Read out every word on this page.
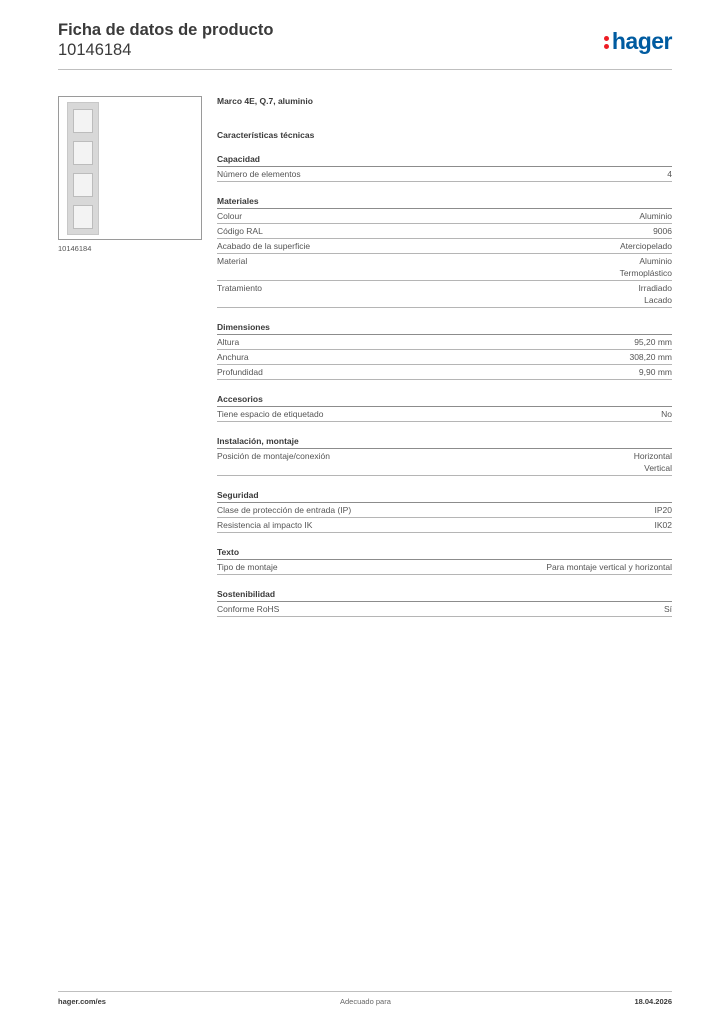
Ficha de datos de producto
10146184	hager
10146184
Marco 4E, Q.7, aluminio
Características técnicas
Capacidad
Número de elementos	4
Materiales
Colour	Aluminio
Código RAL	9006
Acabado de la superficie	Aterciopelado
Material	Aluminio
Termoplástico
Tratamiento	Irradiado
Lacado
Dimensiones
Altura	95,20 mm
Anchura	308,20 mm
Profundidad	9,90 mm
Accesorios
Tiene espacio de etiquetado	No
Instalación, montaje
Posición de montaje/conexión	Horizontal
Vertical
Seguridad
Clase de protección de entrada (IP)	IP20
Resistencia al impacto IK	IK02
Texto
Tipo de montaje	Para montaje vertical y horizontal
Sostenibilidad
Conforme RoHS	Sí
hager.com/es	Adecuado para	18.04.2026
